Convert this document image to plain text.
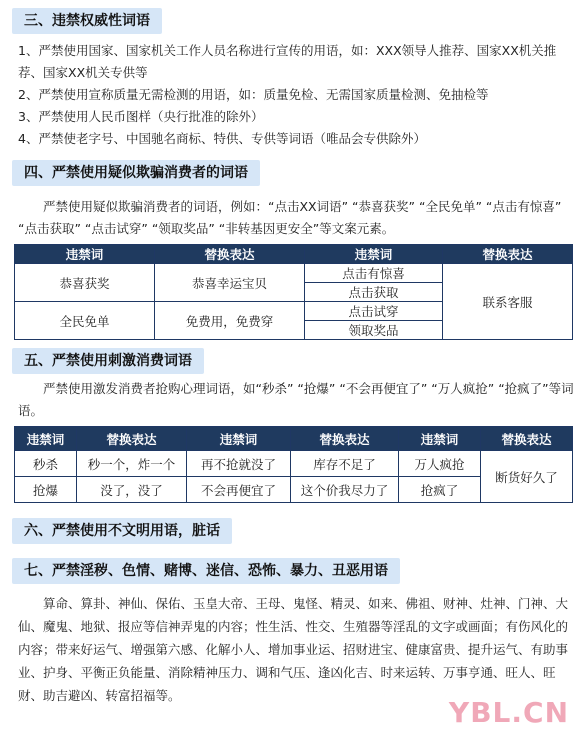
三、违禁权威性词语

1、严禁使用国家、国家机关工作人员名称进行宣传的用语，如：XXX领导人推荐、国家XX机关推荐、国家XX机关专供等

2、严禁使用宣称质量无需检测的用语，如：质量免检、无需国家质量检测、免抽检等

3、严禁使用人民币图样（央行批准的除外）

4、严禁使老字号、中国驰名商标、特供、专供等词语（唯品会专供除外）

四、严禁使用疑似欺骗消费者的词语

严禁使用疑似欺骗消费者的词语，例如：“点击XX词语” “恭喜获奖” “全民免单” “点击有惊喜” “点击获取” “点击试穿” “领取奖品” “非转基因更安全”等文案元素。

违禁词	替换表达	违禁词	替换表达
恭喜获奖	恭喜幸运宝贝	点击有惊喜	联系客服
		点击获取	
全民免单	免费用，免费穿	点击试穿	
		领取奖品	
五、严禁使用刺激消费词语

严禁使用激发消费者抢购心理词语，如“秒杀” “抢爆” “不会再便宜了” “万人疯抢” “抢疯了”等词语。

违禁词	替换表达	违禁词	替换表达	违禁词	替换表达
秒杀	秒一个，炸一个	再不抢就没了	库存不足了	万人疯抢	断货好久了
抢爆	没了，没了	不会再便宜了	这个价我尽力了	抢疯了	
六、严禁使用不文明用语，脏话
七、严禁淫秽、色情、赌博、迷信、恐怖、暴力、丑恶用语

算命、算卦、神仙、保佑、玉皇大帝、王母、鬼怪、精灵、如来、佛祖、财神、灶神、门神、大仙、魔鬼、地狱、报应等信神弄鬼的内容；性生活、性交、生殖器等淫乱的文字或画面；有伤风化的内容；带来好运气、增强第六感、化解小人、增加事业运、招财进宝、健康富贵、提升运气、有助事业、护身、平衡正负能量、消除精神压力、调和气压、逢凶化吉、时来运转、万事亨通、旺人、旺财、助吉避凶、转富招福等。

YBL.CN
